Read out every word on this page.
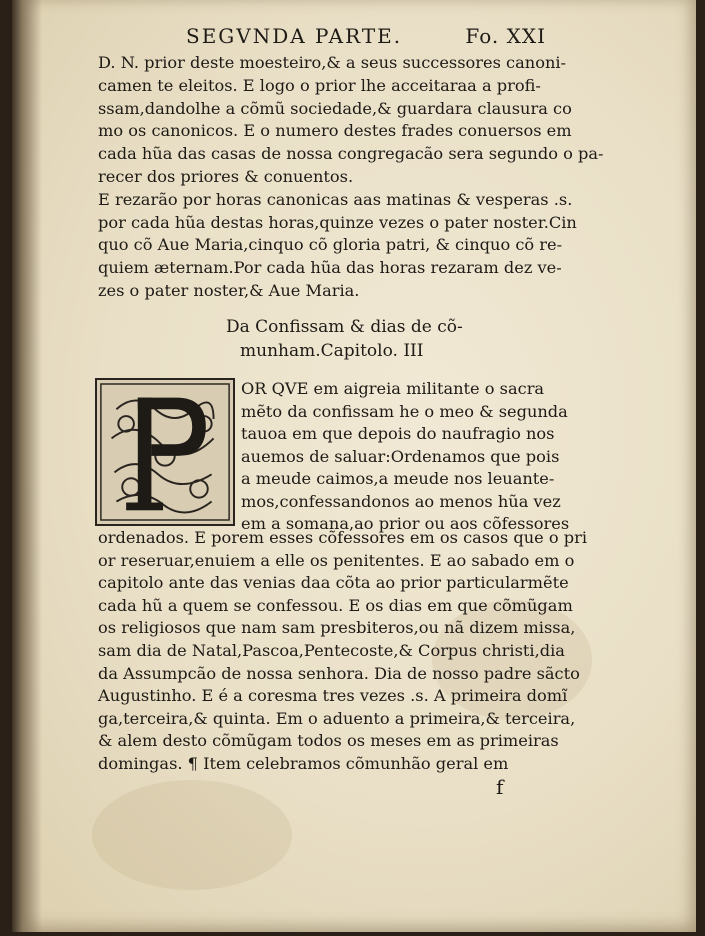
SEGVNDA PARTE.	Fo. XXI
D. N. prior deste moesteiro,& a seus successores canoni-
camen te eleitos. E logo o prior lhe acceitaraa a profi-
ssam,dandolhe a cõmũ sociedade,& guardara clausura co
mo os canonicos. E o numero destes frades conuersos em
cada hũa das casas de nossa congregacão sera segundo o pa-
recer dos priores & conuentos.
E rezarão por horas canonicas aas matinas & vesperas .s.
por cada hũa destas horas,quinze vezes o pater noster.Cin
quo cõ Aue Maria,cinquo cõ gloria patri, & cinquo cõ re-
quiem æternam.Por cada hũa das horas rezaram dez ve-
zes o pater noster,& Aue Maria.
Da Confissam & dias de cõ-
munham.Capitolo. III
OR QVE em aigreia militante o sacra
mẽto da confissam he o meo & segunda
tauoa em que depois do naufragio nos
auemos de saluar:Ordenamos que pois
a meude caimos,a meude nos leuante-
mos,confessandonos ao menos hũa vez
em a somana,ao prior ou aos cõfessores
ordenados. E porem esses cõfessores em os casos que o pri
or reseruar,enuiem a elle os penitentes. E ao sabado em o
capitolo ante das venias daa cõta ao prior particularmẽte
cada hũ a quem se confessou. E os dias em que cõmũgam
os religiosos que nam sam presbiteros,ou nã dizem missa,
sam dia de Natal,Pascoa,Pentecoste,& Corpus christi,dia
da Assumpcão de nossa senhora. Dia de nosso padre sãcto
Augustinho. E é a coresma tres vezes .s. A primeira domĩ
ga,terceira,& quinta. Em o aduento a primeira,& terceira,
& alem desto cõmũgam todos os meses em as primeiras
domingas. ¶ Item celebramos cõmunhão geral em
f
